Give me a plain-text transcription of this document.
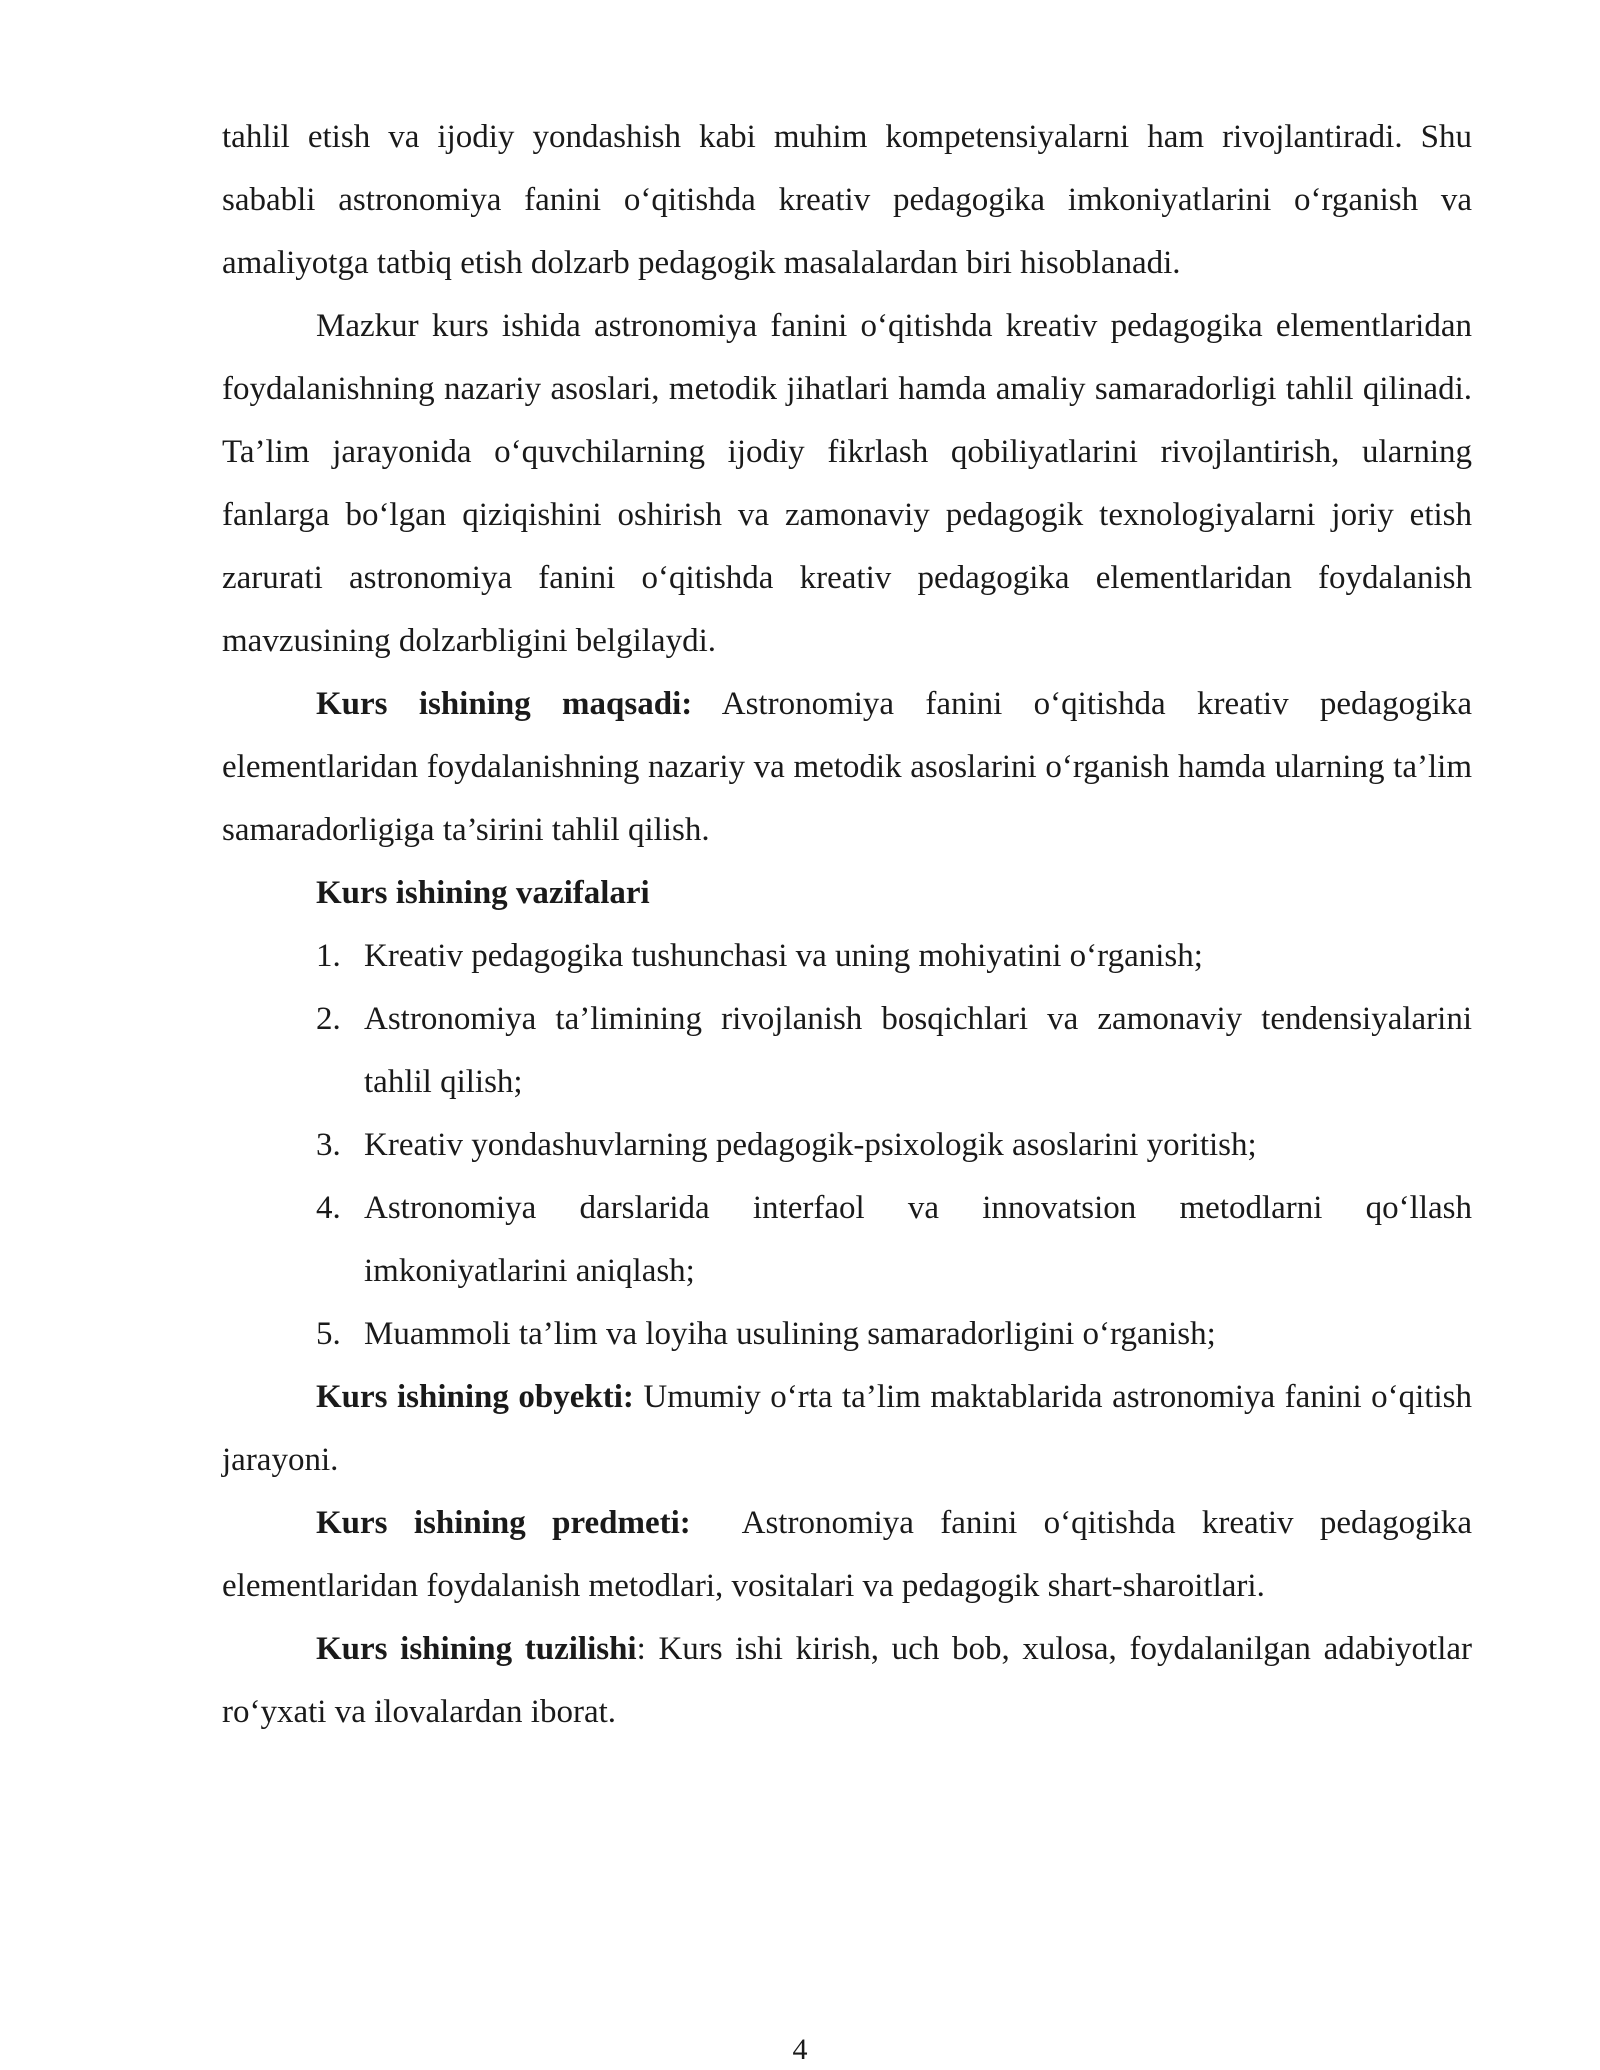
tahlil etish va ijodiy yondashish kabi muhim kompetensiyalarni ham rivojlantiradi. Shu sababli astronomiya fanini o‘qitishda kreativ pedagogika imkoniyatlarini o‘rganish va amaliyotga tatbiq etish dolzarb pedagogik masalalardan biri hisoblanadi.

Mazkur kurs ishida astronomiya fanini o‘qitishda kreativ pedagogika elementlaridan foydalanishning nazariy asoslari, metodik jihatlari hamda amaliy samaradorligi tahlil qilinadi. Ta’lim jarayonida o‘quvchilarning ijodiy fikrlash qobiliyatlarini rivojlantirish, ularning fanlarga bo‘lgan qiziqishini oshirish va zamonaviy pedagogik texnologiyalarni joriy etish zarurati astronomiya fanini o‘qitishda kreativ pedagogika elementlaridan foydalanish mavzusining dolzarbligini belgilaydi.

Kurs ishining maqsadi: Astronomiya fanini o‘qitishda kreativ pedagogika elementlaridan foydalanishning nazariy va metodik asoslarini o‘rganish hamda ularning ta’lim samaradorligiga ta’sirini tahlil qilish.

Kurs ishining vazifalari

1. Kreativ pedagogika tushunchasi va uning mohiyatini o‘rganish;
2. Astronomiya ta’limining rivojlanish bosqichlari va zamonaviy tendensiyalarini tahlil qilish;
3. Kreativ yondashuvlarning pedagogik-psixologik asoslarini yoritish;
4. Astronomiya darslarida interfaol va innovatsion metodlarni qo‘llash imkoniyatlarini aniqlash;
5. Muammoli ta’lim va loyiha usulining samaradorligini o‘rganish;

Kurs ishining obyekti: Umumiy o‘rta ta’lim maktablarida astronomiya fanini o‘qitish jarayoni.

Kurs ishining predmeti:  Astronomiya fanini o‘qitishda kreativ pedagogika elementlaridan foydalanish metodlari, vositalari va pedagogik shart-sharoitlari.

Kurs ishining tuzilishi: Kurs ishi kirish, uch bob, xulosa, foydalanilgan adabiyotlar ro‘yxati va ilovalardan iborat.

4
